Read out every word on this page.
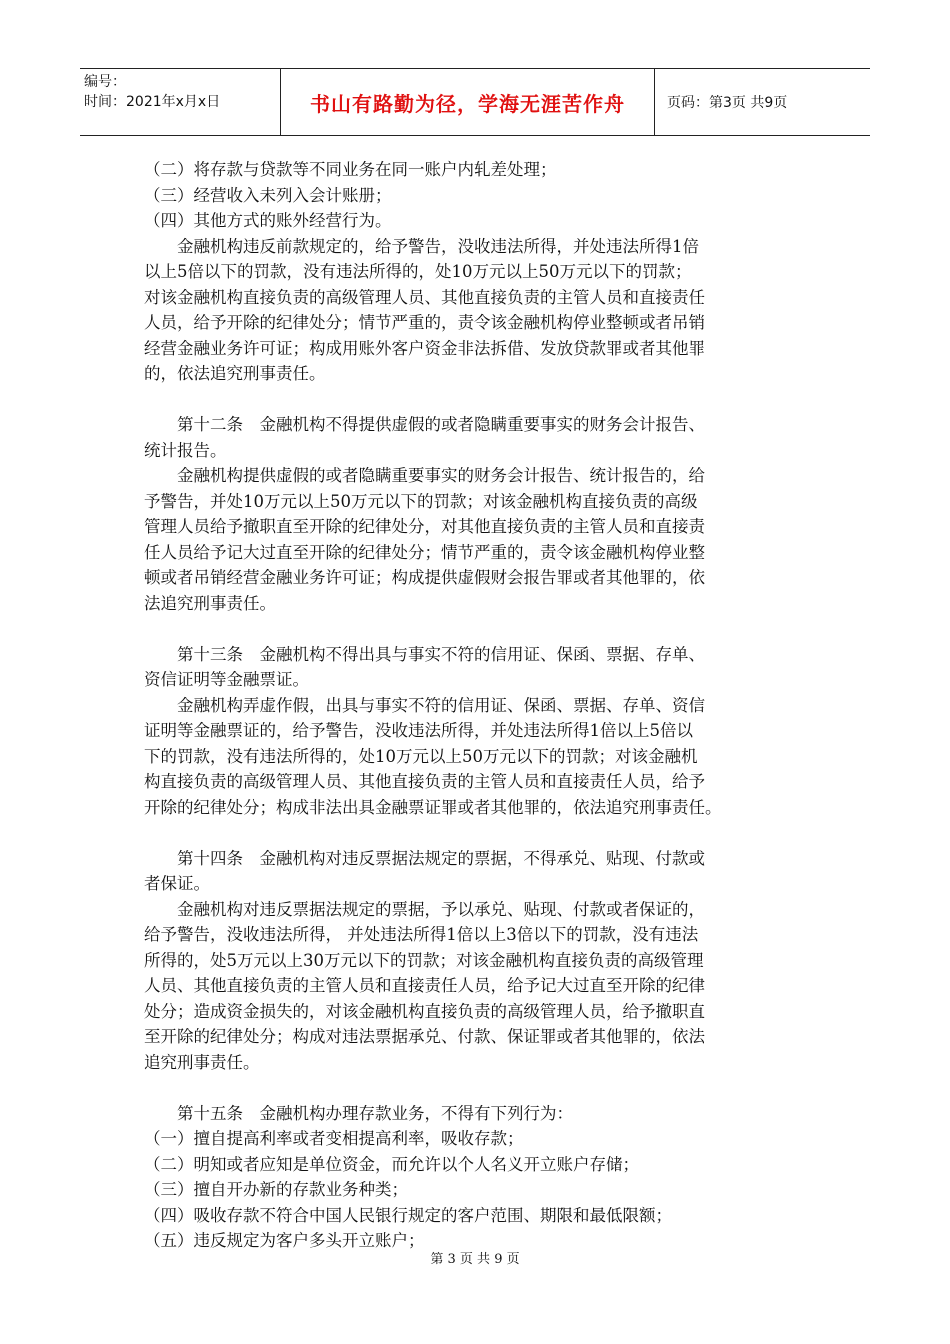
编号：
时间：2021年x月x日	书山有路勤为径，学海无涯苦作舟	页码：第3页 共9页

（二）将存款与贷款等不同业务在同一账户内轧差处理；

（三）经营收入未列入会计账册；

（四）其他方式的账外经营行为。

　　金融机构违反前款规定的，给予警告，没收违法所得，并处违法所得1倍

以上5倍以下的罚款，没有违法所得的，处10万元以上50万元以下的罚款；

对该金融机构直接负责的高级管理人员、其他直接负责的主管人员和直接责任

人员，给予开除的纪律处分；情节严重的，责令该金融机构停业整顿或者吊销

经营金融业务许可证；构成用账外客户资金非法拆借、发放贷款罪或者其他罪

的，依法追究刑事责任。

　　第十二条　金融机构不得提供虚假的或者隐瞒重要事实的财务会计报告、

统计报告。

　　金融机构提供虚假的或者隐瞒重要事实的财务会计报告、统计报告的，给

予警告，并处10万元以上50万元以下的罚款；对该金融机构直接负责的高级

管理人员给予撤职直至开除的纪律处分，对其他直接负责的主管人员和直接责

任人员给予记大过直至开除的纪律处分；情节严重的，责令该金融机构停业整

顿或者吊销经营金融业务许可证；构成提供虚假财会报告罪或者其他罪的，依

法追究刑事责任。

　　第十三条　金融机构不得出具与事实不符的信用证、保函、票据、存单、

资信证明等金融票证。

　　金融机构弄虚作假，出具与事实不符的信用证、保函、票据、存单、资信

证明等金融票证的，给予警告，没收违法所得，并处违法所得1倍以上5倍以

下的罚款，没有违法所得的，处10万元以上50万元以下的罚款；对该金融机

构直接负责的高级管理人员、其他直接负责的主管人员和直接责任人员，给予

开除的纪律处分；构成非法出具金融票证罪或者其他罪的，依法追究刑事责任。

　　第十四条　金融机构对违反票据法规定的票据，不得承兑、贴现、付款或

者保证。

　　金融机构对违反票据法规定的票据，予以承兑、贴现、付款或者保证的，

给予警告，没收违法所得， 并处违法所得1倍以上3倍以下的罚款，没有违法

所得的，处5万元以上30万元以下的罚款；对该金融机构直接负责的高级管理

人员、其他直接负责的主管人员和直接责任人员，给予记大过直至开除的纪律

处分；造成资金损失的，对该金融机构直接负责的高级管理人员，给予撤职直

至开除的纪律处分；构成对违法票据承兑、付款、保证罪或者其他罪的，依法

追究刑事责任。

　　第十五条　金融机构办理存款业务，不得有下列行为：

（一）擅自提高利率或者变相提高利率，吸收存款；

（二）明知或者应知是单位资金，而允许以个人名义开立账户存储；

（三）擅自开办新的存款业务种类；

（四）吸收存款不符合中国人民银行规定的客户范围、期限和最低限额；

（五）违反规定为客户多头开立账户；

第 3 页 共 9 页
